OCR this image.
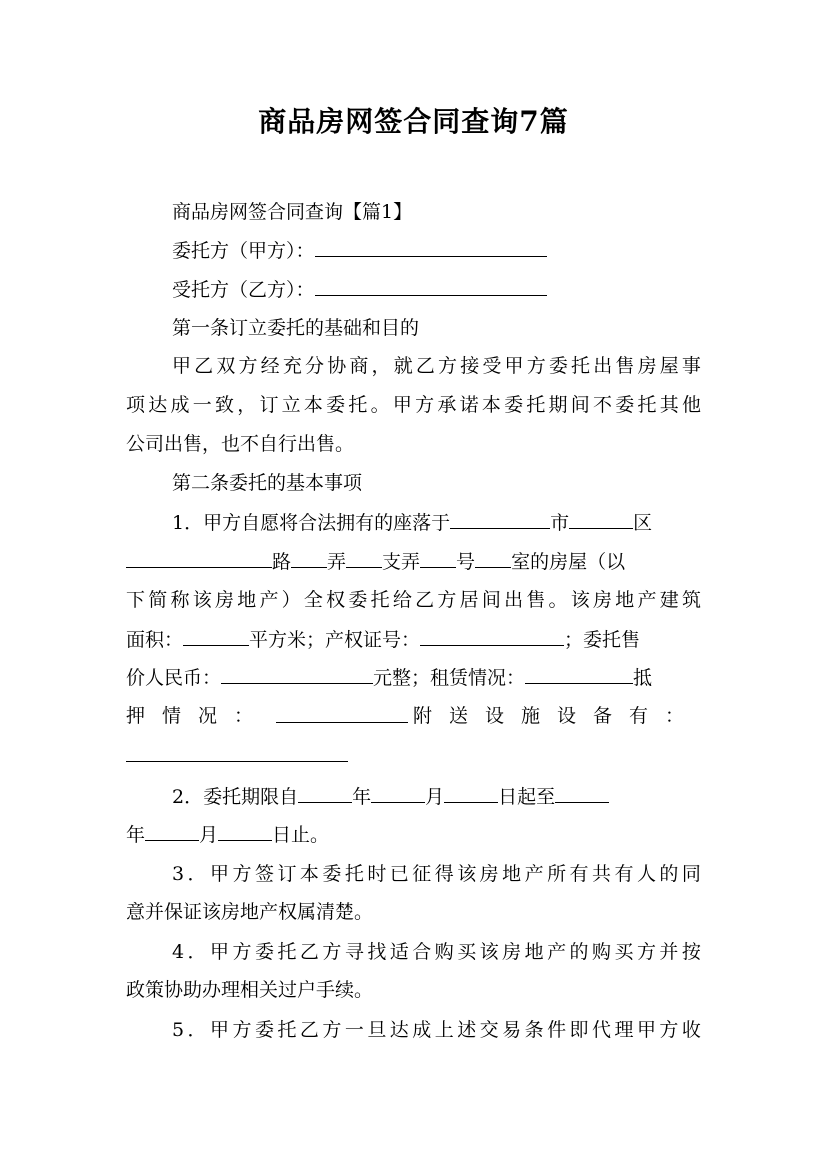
商品房网签合同查询7篇
商品房网签合同查询【篇1】
委托方（甲方）：
受托方（乙方）：
第一条订立委托的基础和目的
甲乙双方经充分协商，就乙方接受甲方委托出售房屋事
项达成一致，订立本委托。甲方承诺本委托期间不委托其他
公司出售，也不自行出售。
第二条委托的基本事项
1．甲方自愿将合法拥有的座落于	市	区
路 弄 支弄 号 室的房屋（以
下简称该房地产）全权委托给乙方居间出售。该房地产建筑
面积：	平方米；产权证号：	；委托售
价人民币：	元整；租赁情况：	抵
押情况：	附送设施设备有：
2．委托期限自	年	月	日起至
年	月	日止。
3．甲方签订本委托时已征得该房地产所有共有人的同
意并保证该房地产权属清楚。
4．甲方委托乙方寻找适合购买该房地产的购买方并按
政策协助办理相关过户手续。
5．甲方委托乙方一旦达成上述交易条件即代理甲方收
